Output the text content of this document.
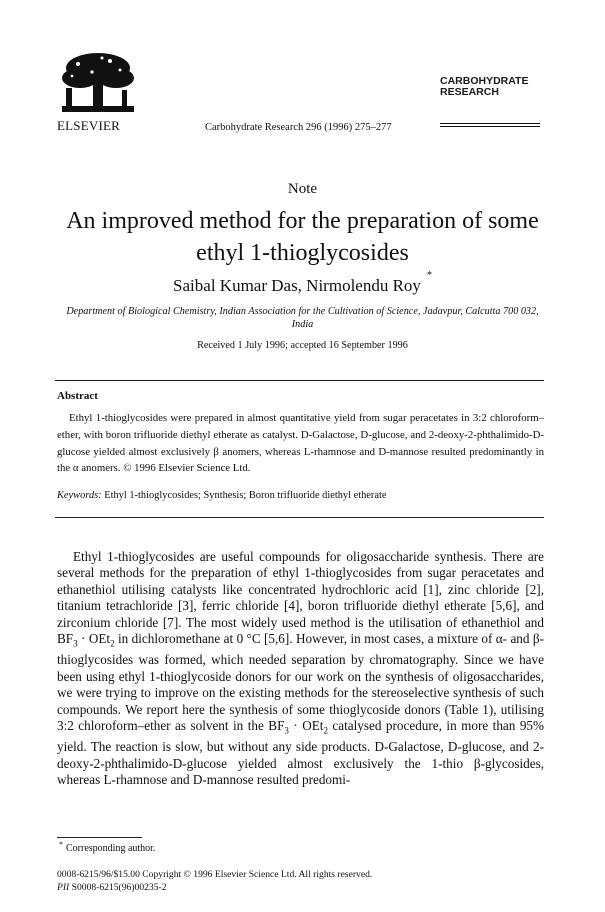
ELSEVIER	Carbohydrate Research 296 (1996) 275–277
CARBOHYDRATE
RESEARCH
Note
An improved method for the preparation of some ethyl 1-thioglycosides
Saibal Kumar Das, Nirmolendu Roy*
Department of Biological Chemistry, Indian Association for the Cultivation of Science, Jadavpur, Calcutta 700 032, India
Received 1 July 1996; accepted 16 September 1996
Abstract
Ethyl 1-thioglycosides were prepared in almost quantitative yield from sugar peracetates in 3:2 chloroform–ether, with boron trifluoride diethyl etherate as catalyst. D-Galactose, D-glucose, and 2-deoxy-2-phthalimido-D-glucose yielded almost exclusively β anomers, whereas L-rhamnose and D-mannose resulted predominantly in the α anomers. © 1996 Elsevier Science Ltd.
Keywords: Ethyl 1-thioglycosides; Synthesis; Boron trifluoride diethyl etherate
Ethyl 1-thioglycosides are useful compounds for oligosaccharide synthesis. There are several methods for the preparation of ethyl 1-thioglycosides from sugar peracetates and ethanethiol utilising catalysts like concentrated hydrochloric acid [1], zinc chloride [2], titanium tetrachloride [3], ferric chloride [4], boron trifluoride diethyl etherate [5,6], and zirconium chloride [7]. The most widely used method is the utilisation of ethanethiol and $BF_3 \cdot OEt_2$ in dichloromethane at 0 °C [5,6]. However, in most cases, a mixture of α- and β-thioglycosides was formed, which needed separation by chromatography. Since we have been using ethyl 1-thioglycoside donors for our work on the synthesis of oligosaccharides, we were trying to improve on the existing methods for the stereoselective synthesis of such compounds. We report here the synthesis of some thioglycoside donors (Table 1), utilising 3:2 chloroform–ether as solvent in the $BF_3 \cdot OEt_2$ catalysed procedure, in more than 95% yield. The reaction is slow, but without any side products. D-Galactose, D-glucose, and 2-deoxy-2-phthalimido-D-glucose yielded almost exclusively the 1-thio β-glycosides, whereas L-rhamnose and D-mannose resulted predomi-
* Corresponding author.
0008-6215/96/$15.00 Copyright © 1996 Elsevier Science Ltd. All rights reserved.
PII S0008-6215(96)00235-2
